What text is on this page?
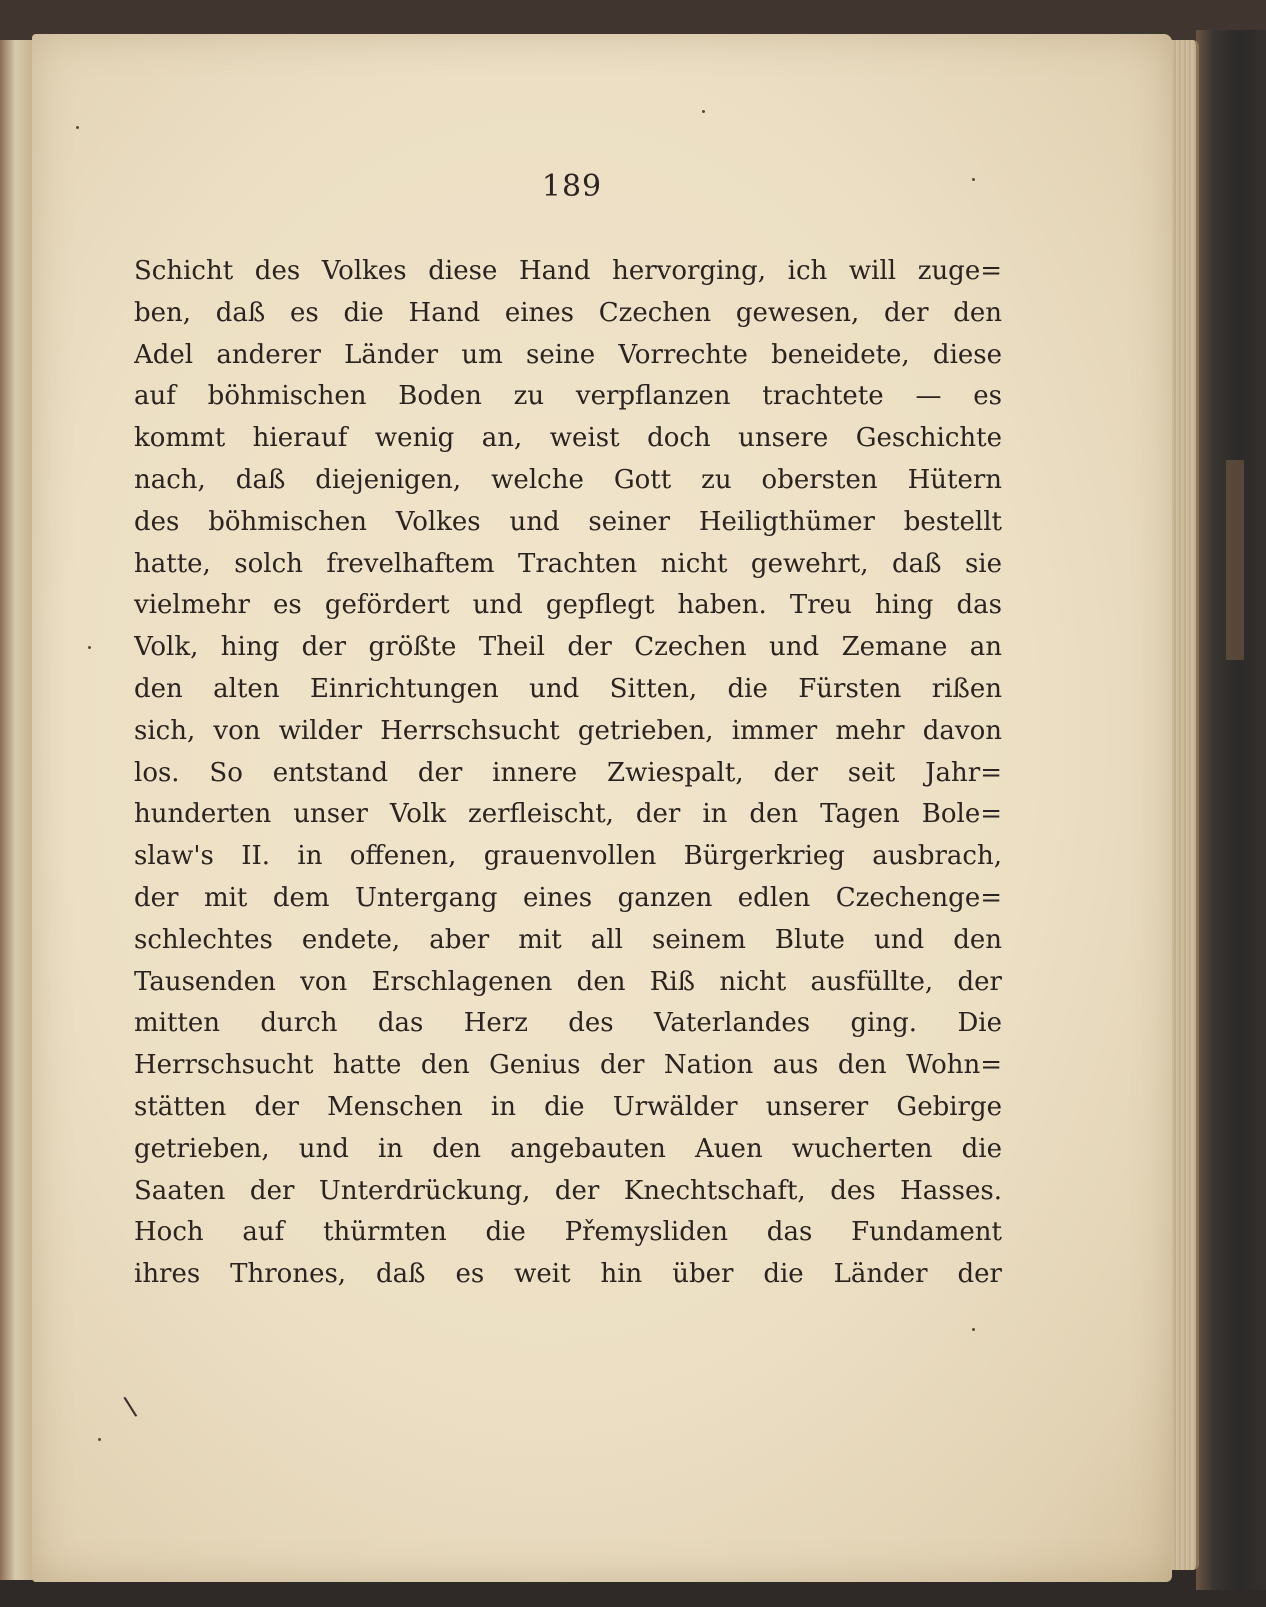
189
Schicht des Volkes diese Hand hervorging, ich will zuge=
ben, daß es die Hand eines Czechen gewesen, der den
Adel anderer Länder um seine Vorrechte beneidete, diese
auf böhmischen Boden zu verpflanzen trachtete — es
kommt hierauf wenig an, weist doch unsere Geschichte
nach, daß diejenigen, welche Gott zu obersten Hütern
des böhmischen Volkes und seiner Heiligthümer bestellt
hatte, solch frevelhaftem Trachten nicht gewehrt, daß sie
vielmehr es gefördert und gepflegt haben. Treu hing das
Volk, hing der größte Theil der Czechen und Zemane an
den alten Einrichtungen und Sitten, die Fürsten rißen
sich, von wilder Herrschsucht getrieben, immer mehr davon
los. So entstand der innere Zwiespalt, der seit Jahr=
hunderten unser Volk zerfleischt, der in den Tagen Bole=
slaw's II. in offenen, grauenvollen Bürgerkrieg ausbrach,
der mit dem Untergang eines ganzen edlen Czechenge=
schlechtes endete, aber mit all seinem Blute und den
Tausenden von Erschlagenen den Riß nicht ausfüllte, der
mitten durch das Herz des Vaterlandes ging. Die
Herrschsucht hatte den Genius der Nation aus den Wohn=
stätten der Menschen in die Urwälder unserer Gebirge
getrieben, und in den angebauten Auen wucherten die
Saaten der Unterdrückung, der Knechtschaft, des Hasses.
Hoch auf thürmten die Přemysliden das Fundament
ihres Thrones, daß es weit hin über die Länder der
\
